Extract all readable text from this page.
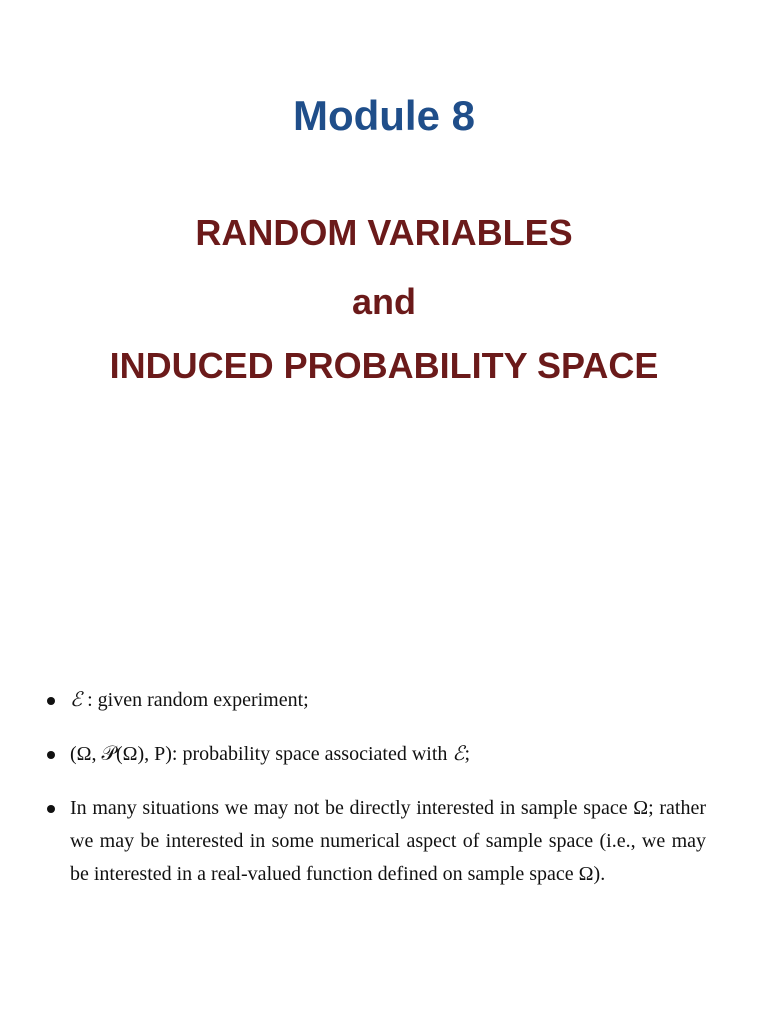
Module 8
RANDOM VARIABLES
and
INDUCED PROBABILITY SPACE
ℰ : given random experiment;
(Ω, 𝒫(Ω), P): probability space associated with ℰ;
In many situations we may not be directly interested in sample space Ω; rather we may be interested in some numerical aspect of sample space (i.e., we may be interested in a real-valued function defined on sample space Ω).
